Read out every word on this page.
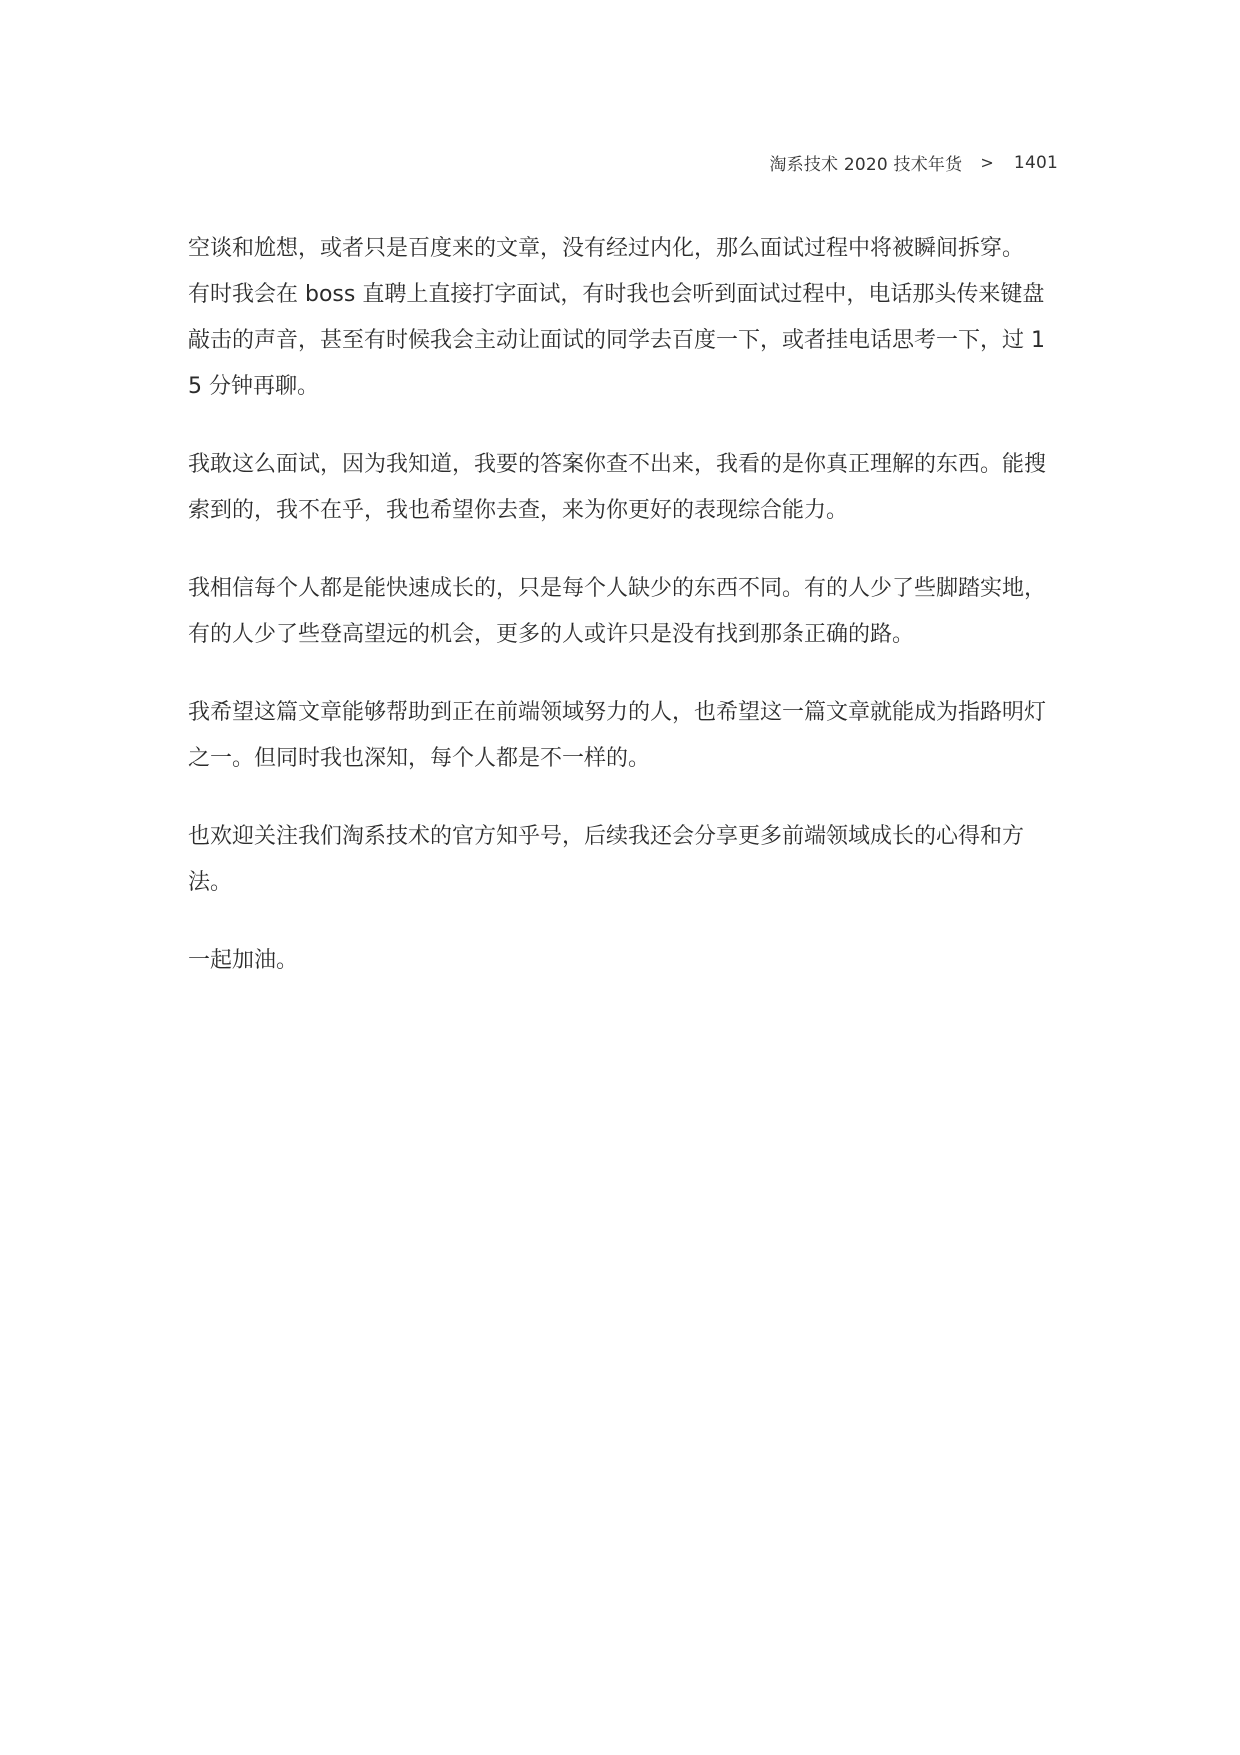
淘系技术 2020 技术年货 > 1401

空谈和尬想，或者只是百度来的文章，没有经过内化，那么面试过程中将被瞬间拆穿。

有时我会在 boss 直聘上直接打字面试，有时我也会听到面试过程中，电话那头传来键盘敲击的声音，甚至有时候我会主动让面试的同学去百度一下，或者挂电话思考一下，过 15 分钟再聊。

我敢这么面试，因为我知道，我要的答案你查不出来，我看的是你真正理解的东西。能搜索到的，我不在乎，我也希望你去查，来为你更好的表现综合能力。

我相信每个人都是能快速成长的，只是每个人缺少的东西不同。有的人少了些脚踏实地，有的人少了些登高望远的机会，更多的人或许只是没有找到那条正确的路。

我希望这篇文章能够帮助到正在前端领域努力的人，也希望这一篇文章就能成为指路明灯之一。但同时我也深知，每个人都是不一样的。

也欢迎关注我们淘系技术的官方知乎号，后续我还会分享更多前端领域成长的心得和方法。

一起加油。
